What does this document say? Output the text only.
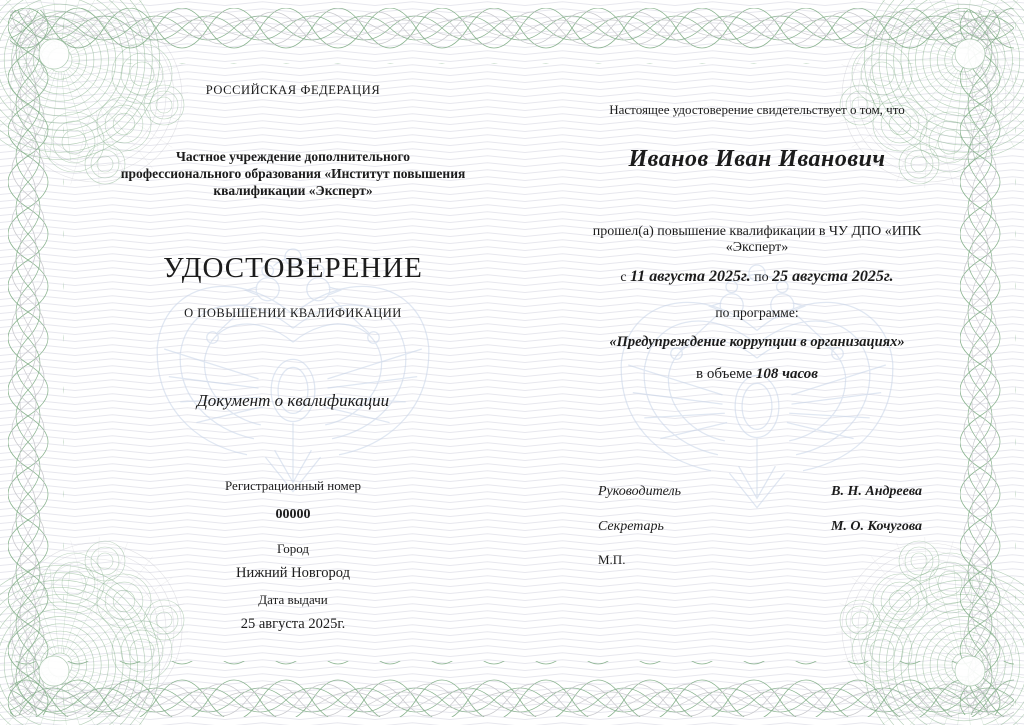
РОССИЙСКАЯ ФЕДЕРАЦИЯ
Частное учреждение дополнительного
профессионального образования «Институт повышения
квалификации «Эксперт»
УДОСТОВЕРЕНИЕ
О ПОВЫШЕНИИ КВАЛИФИКАЦИИ
Документ о квалификации
Регистрационный номер
00000
Город
Нижний Новгород
Дата выдачи
25 августа 2025г.
Настоящее удостоверение свидетельствует о том, что
Иванов Иван Иванович
прошел(а) повышение квалификации в ЧУ ДПО «ИПК
«Эксперт»
с 11 августа 2025г. по 25 августа 2025г.
по программе:
«Предупреждение коррупции в организациях»
в объеме 108 часов
Руководитель	В. Н. Андреева
Секретарь	М. О. Кочугова
М.П.
